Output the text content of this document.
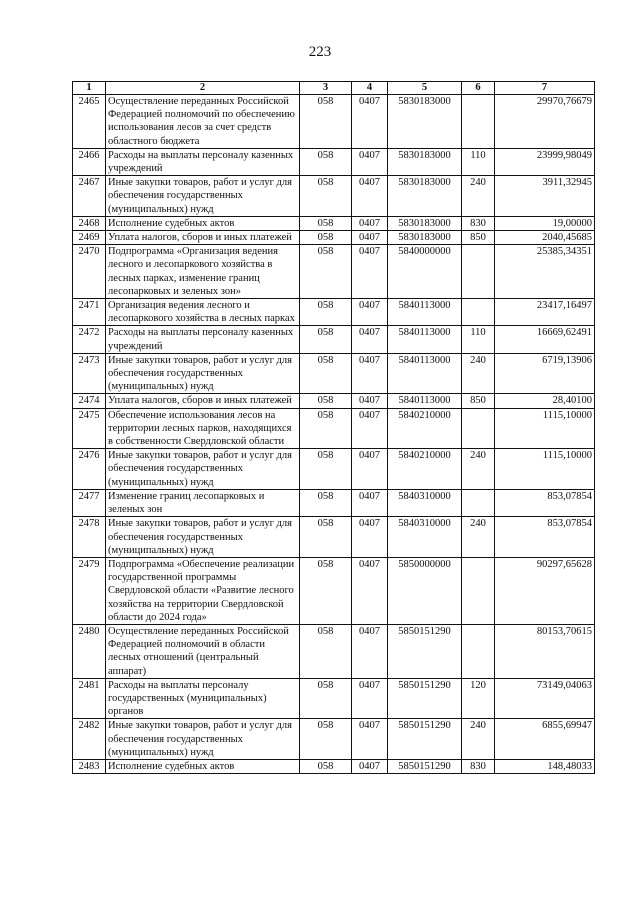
223
1	2	3	4	5	6	7
2465	Осуществление переданных Российской Федерацией полномочий по обеспечению использования лесов за счет средств областного бюджета	058	0407	5830183000		29970,76679
2466	Расходы на выплаты персоналу казенных учреждений	058	0407	5830183000	110	23999,98049
2467	Иные закупки товаров, работ и услуг для обеспечения государственных (муниципальных) нужд	058	0407	5830183000	240	3911,32945
2468	Исполнение судебных актов	058	0407	5830183000	830	19,00000
2469	Уплата налогов, сборов и иных платежей	058	0407	5830183000	850	2040,45685
2470	Подпрограмма «Организация ведения лесного и лесопаркового хозяйства в лесных парках, изменение границ лесопарковых и зеленых зон»	058	0407	5840000000		25385,34351
2471	Организация ведения лесного и лесопаркового хозяйства в лесных парках	058	0407	5840113000		23417,16497
2472	Расходы на выплаты персоналу казенных учреждений	058	0407	5840113000	110	16669,62491
2473	Иные закупки товаров, работ и услуг для обеспечения государственных (муниципальных) нужд	058	0407	5840113000	240	6719,13906
2474	Уплата налогов, сборов и иных платежей	058	0407	5840113000	850	28,40100
2475	Обеспечение использования лесов на территории лесных парков, находящихся в собственности Свердловской области	058	0407	5840210000		1115,10000
2476	Иные закупки товаров, работ и услуг для обеспечения государственных (муниципальных) нужд	058	0407	5840210000	240	1115,10000
2477	Изменение границ лесопарковых и зеленых зон	058	0407	5840310000		853,07854
2478	Иные закупки товаров, работ и услуг для обеспечения государственных (муниципальных) нужд	058	0407	5840310000	240	853,07854
2479	Подпрограмма «Обеспечение реализации государственной программы Свердловской области «Развитие лесного хозяйства на территории Свердловской области до 2024 года»	058	0407	5850000000		90297,65628
2480	Осуществление переданных Российской Федерацией полномочий в области лесных отношений (центральный аппарат)	058	0407	5850151290		80153,70615
2481	Расходы на выплаты персоналу государственных (муниципальных) органов	058	0407	5850151290	120	73149,04063
2482	Иные закупки товаров, работ и услуг для обеспечения государственных (муниципальных) нужд	058	0407	5850151290	240	6855,69947
2483	Исполнение судебных актов	058	0407	5850151290	830	148,48033
